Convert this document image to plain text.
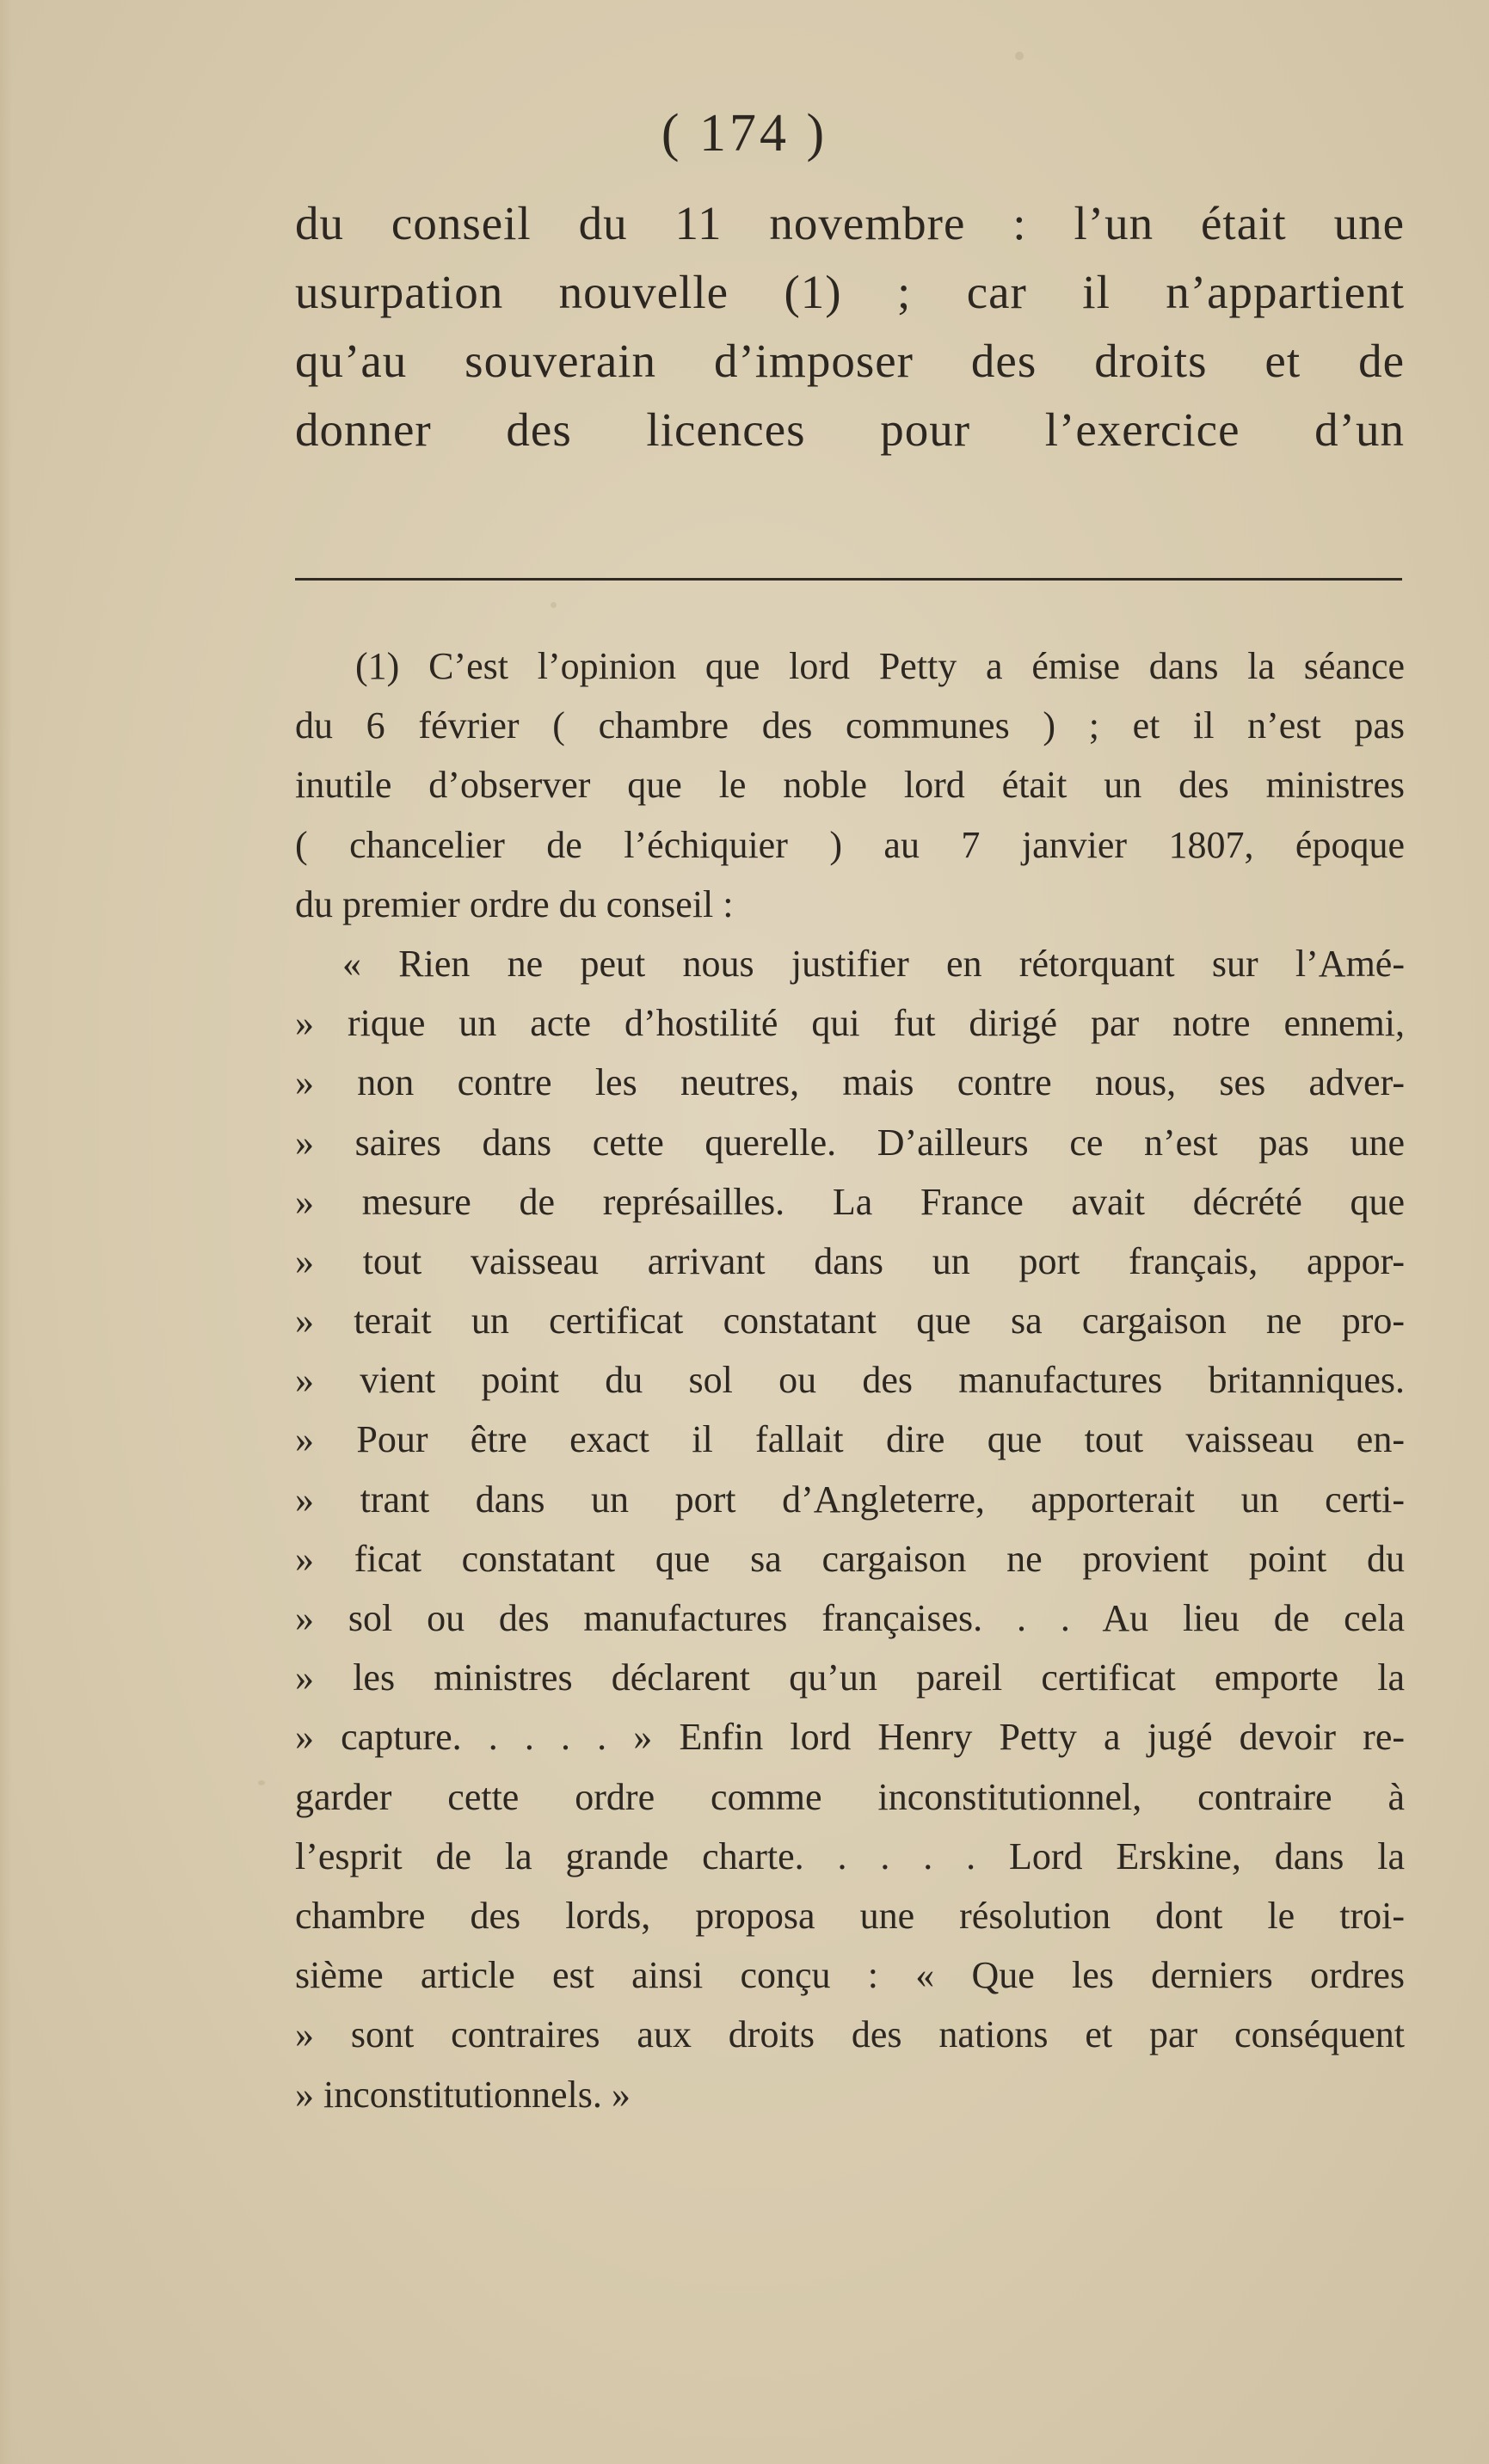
( 174 )
du conseil du 11 novembre : l’un était une
usurpation nouvelle (1) ; car il n’appartient
qu’au souverain d’imposer des droits et de
donner des licences pour l’exercice d’un
(1) C’est l’opinion que lord Petty a émise dans la séance
du 6 février ( chambre des communes ) ; et il n’est pas
inutile d’observer que le noble lord était un des ministres
( chancelier de l’échiquier ) au 7 janvier 1807, époque
du premier ordre du conseil :
« Rien ne peut nous justifier en rétorquant sur l’Amé-
» rique un acte d’hostilité qui fut dirigé par notre ennemi,
» non contre les neutres, mais contre nous, ses adver-
» saires dans cette querelle. D’ailleurs ce n’est pas une
» mesure de représailles. La France avait décrété que
» tout vaisseau arrivant dans un port français, appor-
» terait un certificat constatant que sa cargaison ne pro-
» vient point du sol ou des manufactures britanniques.
» Pour être exact il fallait dire que tout vaisseau en-
» trant dans un port d’Angleterre, apporterait un certi-
» ficat constatant que sa cargaison ne provient point du
» sol ou des manufactures françaises. . . Au lieu de cela
» les ministres déclarent qu’un pareil certificat emporte la
» capture. . . . . » Enfin lord Henry Petty a jugé devoir re-
garder cette ordre comme inconstitutionnel, contraire à
l’esprit de la grande charte. . . . . Lord Erskine, dans la
chambre des lords, proposa une résolution dont le troi-
sième article est ainsi conçu : « Que les derniers ordres
» sont contraires aux droits des nations et par conséquent
» inconstitutionnels. »
